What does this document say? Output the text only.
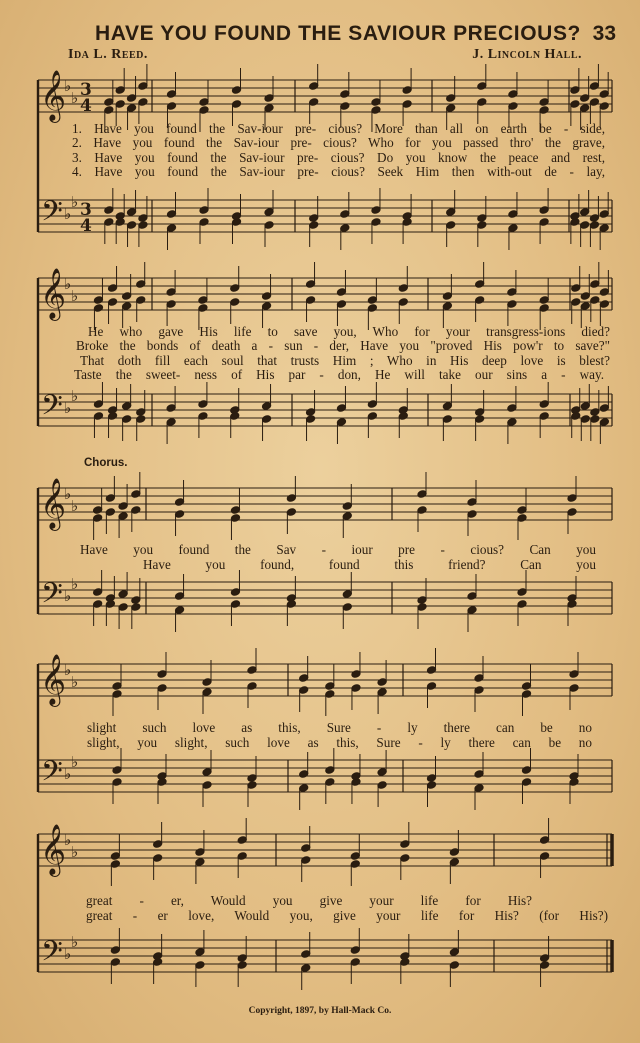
HAVE YOU FOUND THE SAVIOUR PRECIOUS? 33
Ida L. Reed.	J. Lincoln Hall.
𝄞
𝄢
♭
♭
♭
♭
3
4
3
4
𝄞
𝄢
♭
♭
♭
♭
𝄞
𝄢
♭
♭
♭
♭
𝄞
𝄢
♭
♭
♭
♭
𝄞
𝄢
♭
♭
♭
♭
1. Have you found the Sav-iour pre- cious? More than all on earth be - side,
2. Have you found the Sav-iour pre- cious? Who for you passed thro' the grave,
3. Have you found the Sav-iour pre- cious? Do you know the peace and rest,
4. Have you found the Sav-iour pre- cious? Seek Him then with-out de - lay,
He who gave His life to save you, Who for your transgress-ions died?
Broke the bonds of death a - sun - der, Have you "proved His pow'r to save?"
That doth fill each soul that trusts Him ; Who in His deep love is blest?
Taste the sweet- ness of His par - don, He will take our sins a - way.
Chorus.
Have you found the Sav - iour pre - cious? Can you
Have you found, found this friend? Can you
slight such love as this, Sure - ly there can be no
slight, you slight, such love as this, Sure - ly there can be no
great - er, Would you give your life for His?
great - er love, Would you, give your life for His? (for His?)
Copyright, 1897, by Hall-Mack Co.
